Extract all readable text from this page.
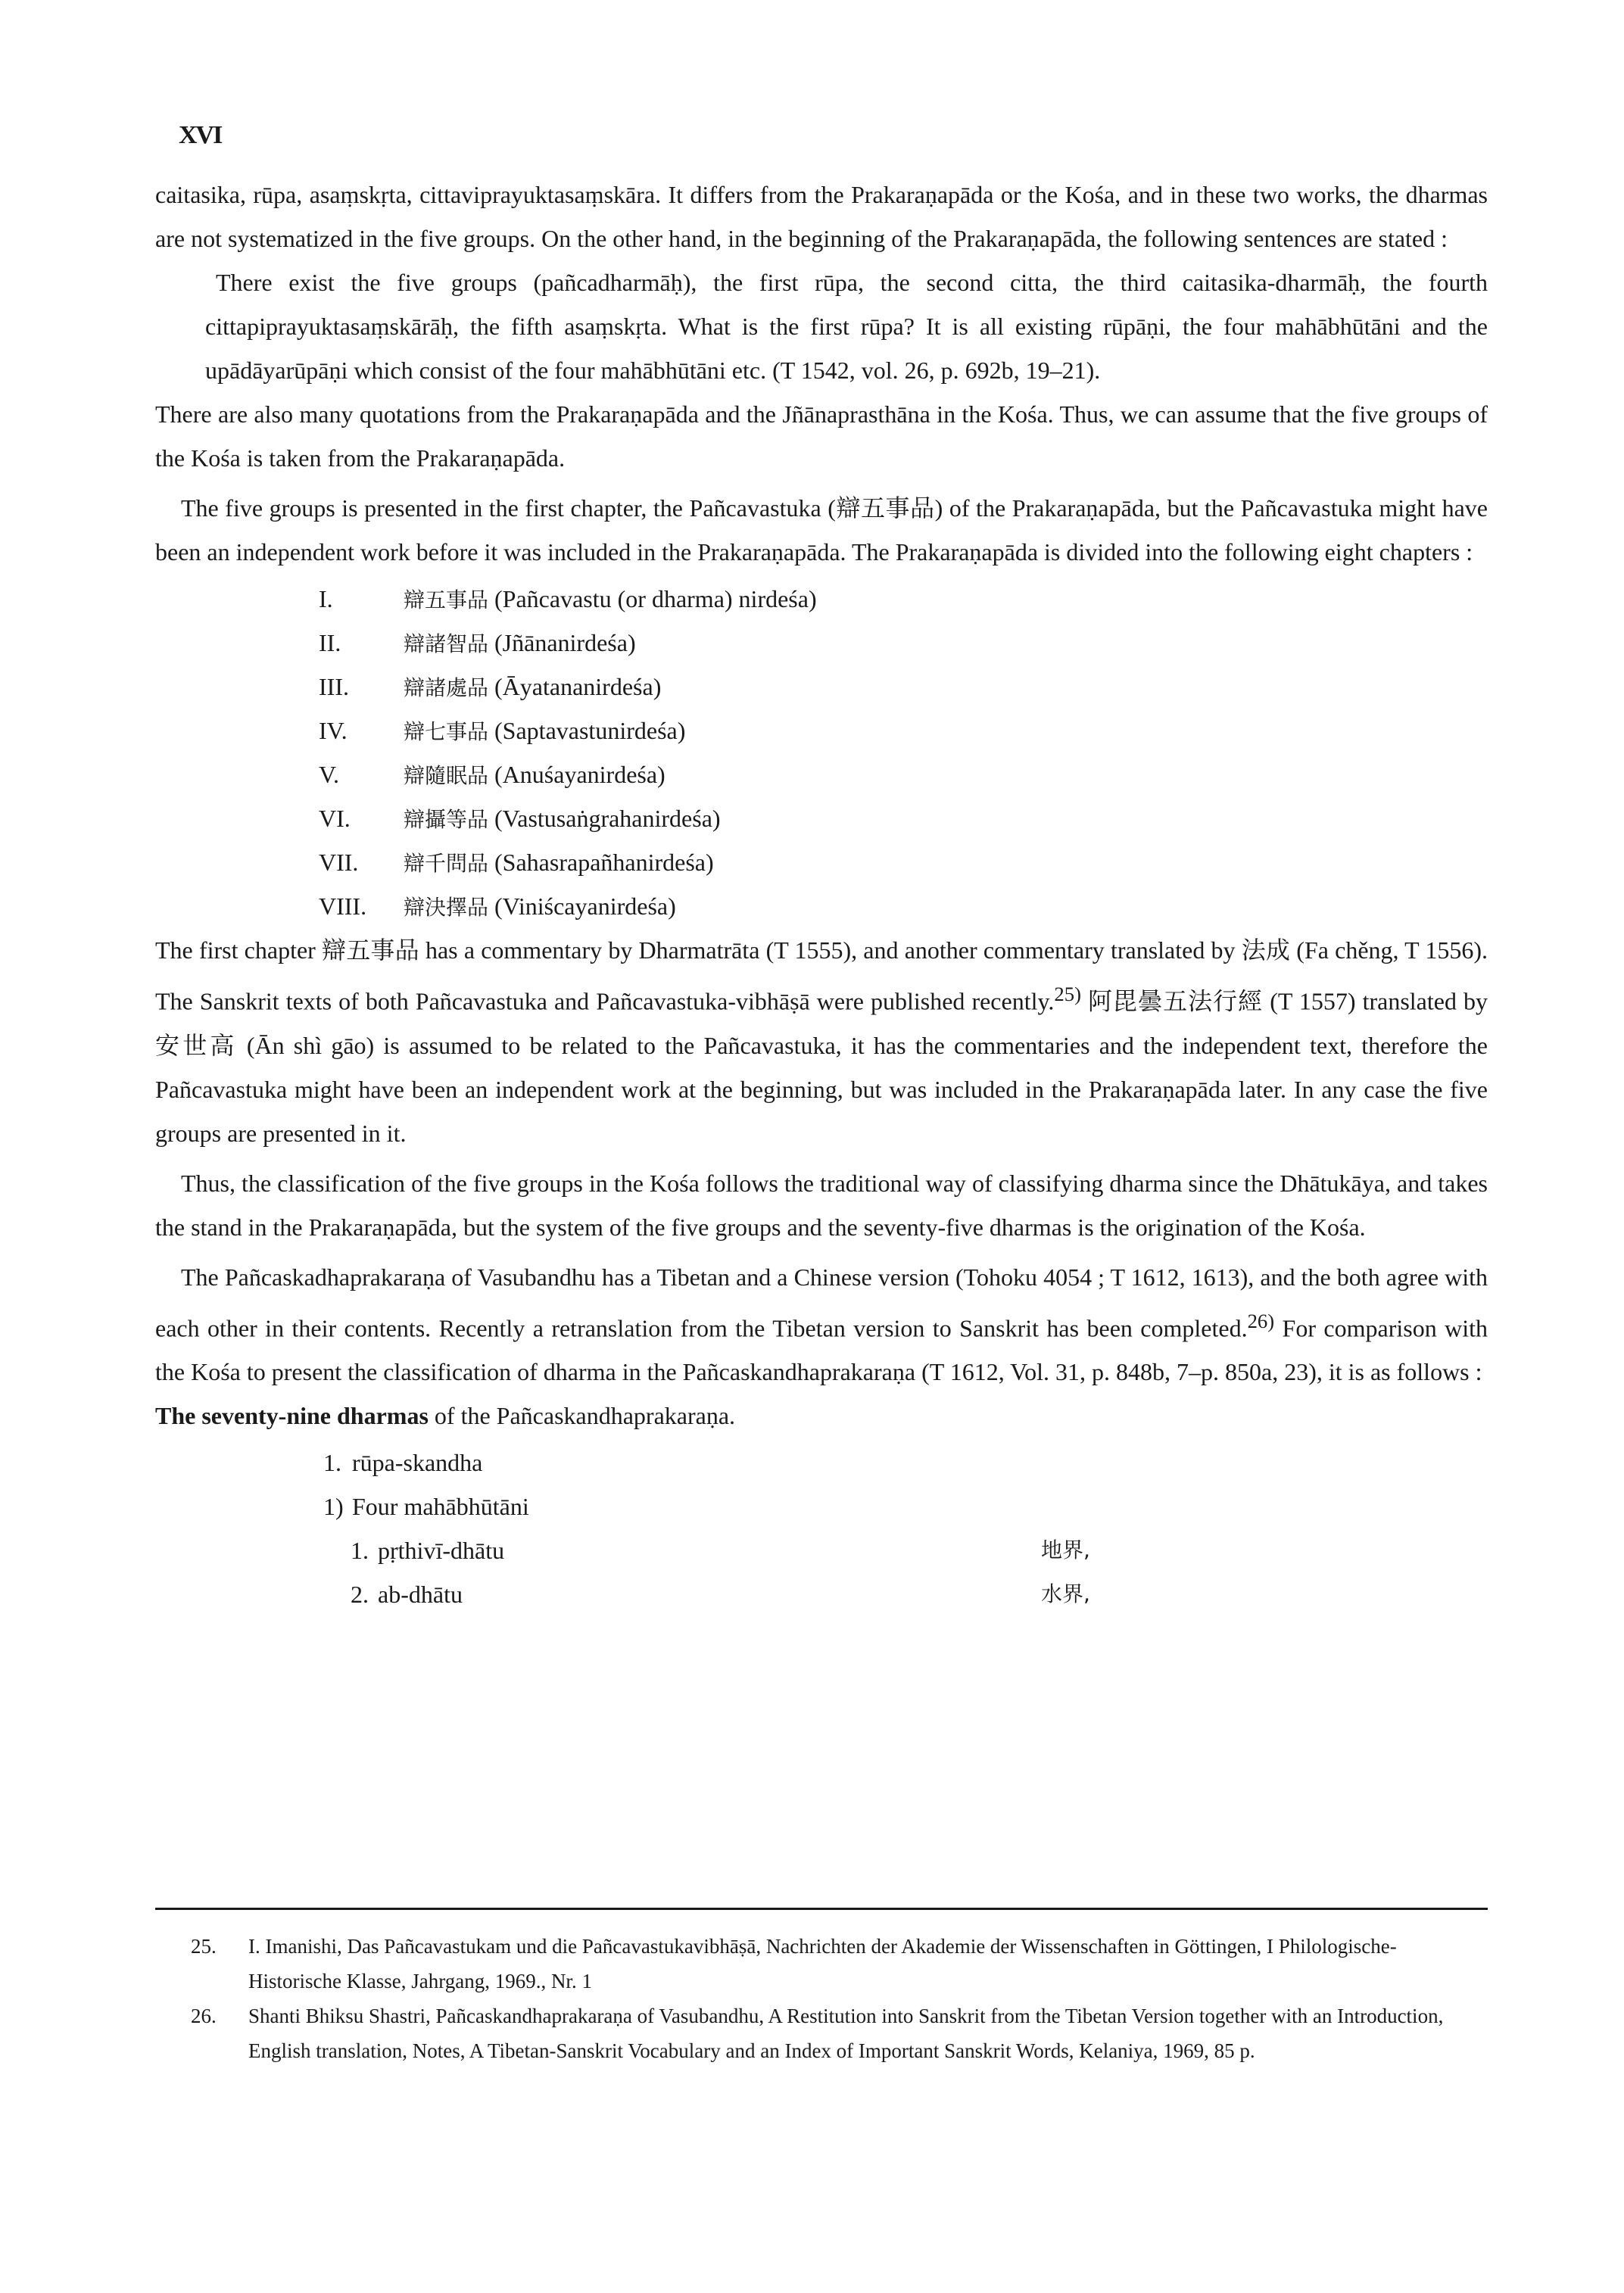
XVI

caitasika, rūpa, asaṃskṛta, cittaviprayuktasaṃskāra. It differs from the Prakaraṇapāda or the Kośa, and in these two works, the dharmas are not systematized in the five groups. On the other hand, in the beginning of the Prakaraṇapāda, the following sentences are stated :

There exist the five groups (pañcadharmāḥ), the first rūpa, the second citta, the third caitasika-dharmāḥ, the fourth cittapiprayuktasaṃskārāḥ, the fifth asaṃskṛta. What is the first rūpa? It is all existing rūpāṇi, the four mahābhūtāni and the upādāyarūpāṇi which consist of the four mahābhūtāni etc. (T 1542, vol. 26, p. 692b, 19–21).

There are also many quotations from the Prakaraṇapāda and the Jñānaprasthāna in the Kośa. Thus, we can assume that the five groups of the Kośa is taken from the Prakaraṇapāda.

The five groups is presented in the first chapter, the Pañcavastuka (辯五事品) of the Prakaraṇapāda, but the Pañcavastuka might have been an independent work before it was included in the Prakaraṇapāda. The Prakaraṇapāda is divided into the following eight chapters :

I.	辯五事品 (Pañcavastu (or dharma) nirdeśa)
II.	辯諸智品 (Jñānanirdeśa)
III.	辯諸處品 (Āyatananirdeśa)
IV.	辯七事品 (Saptavastunirdeśa)
V.	辯隨眠品 (Anuśayanirdeśa)
VI.	辯攝等品 (Vastusaṅgrahanirdeśa)
VII. 辯千問品 (Sahasrapañhanirdeśa)
VIII. 辯決擇品 (Viniścayanirdeśa)

The first chapter 辯五事品 has a commentary by Dharmatrāta (T 1555), and another commentary translated by 法成 (Fa chěng, T 1556). The Sanskrit texts of both Pañcavastuka and Pañcavastuka-vibhāṣā were published recently.$^{25)}$ 阿毘曇五法行經 (T 1557) translated by 安世高 (Ān shì gāo) is assumed to be related to the Pañcavastuka, it has the commentaries and the independent text, therefore the Pañcavastuka might have been an independent work at the beginning, but was included in the Prakaraṇapāda later. In any case the five groups are presented in it.

Thus, the classification of the five groups in the Kośa follows the traditional way of classifying dharma since the Dhātukāya, and takes the stand in the Prakaraṇapāda, but the system of the five groups and the seventy-five dharmas is the origination of the Kośa.

The Pañcaskadhaprakaraṇa of Vasubandhu has a Tibetan and a Chinese version (Tohoku 4054 ; T 1612, 1613), and the both agree with each other in their contents. Recently a retranslation from the Tibetan version to Sanskrit has been completed.$^{26)}$ For comparison with the Kośa to present the classification of dharma in the Pañcaskandhaprakaraṇa (T 1612, Vol. 31, p. 848b, 7–p. 850a, 23), it is as follows :

The seventy-nine dharmas of the Pañcaskandhaprakaraṇa.

1. rūpa-skandha
1) Four mahābhūtāni
1. pṛthivī-dhātu	地界,
2. ab-dhātu	水界,
25. I. Imanishi, Das Pañcavastukam und die Pañcavastukavibhāṣā, Nachrichten der Akademie der Wissenschaften in Göttingen, I Philologische-Historische Klasse, Jahrgang, 1969., Nr. 1
26. Shanti Bhiksu Shastri, Pañcaskandhaprakaraṇa of Vasubandhu, A Restitution into Sanskrit from the Tibetan Version together with an Introduction, English translation, Notes, A Tibetan-Sanskrit Vocabulary and an Index of Important Sanskrit Words, Kelaniya, 1969, 85 p.
